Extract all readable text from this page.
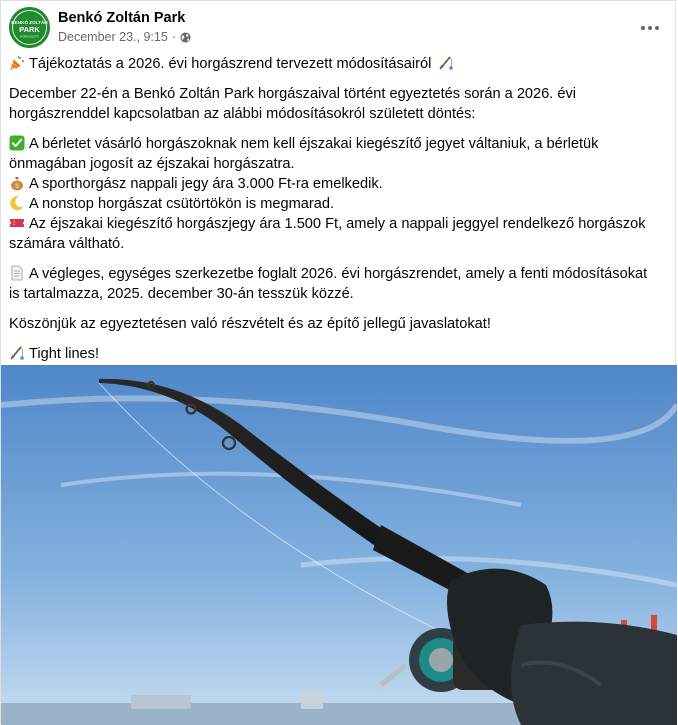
BENKÓ ZOLTÁN
PARK
HORGÁSZTÓ
Benkó Zoltán Park
December 23., 9:15 ·

Tájékoztatás a 2026. évi horgászrend tervezett módosításairól

December 22-én a Benkó Zoltán Park horgászaival történt egyeztetés során a 2026. évi

horgászrenddel kapcsolatban az alábbi módosításokról született döntés:

A bérletet vásárló horgászoknak nem kell éjszakai kiegészítő jegyet váltaniuk, a bérletük

önmagában jogosít az éjszakai horgászatra.

$ A sporthorgász nappali jegy ára 3.000 Ft-ra emelkedik.

A nonstop horgászat csütörtökön is megmarad.

Az éjszakai kiegészítő horgászjegy ára 1.500 Ft, amely a nappali jeggyel rendelkező horgászok

számára váltható.

A végleges, egységes szerkezetbe foglalt 2026. évi horgászrendet, amely a fenti módosításokat

is tartalmazza, 2025. december 30-án tesszük közzé.

Köszönjük az egyeztetésen való részvételt és az építő jellegű javaslatokat!

Tight lines!
